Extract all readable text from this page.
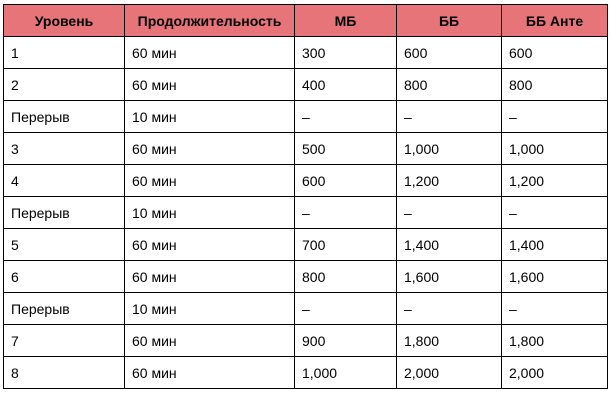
Уровень	Продолжительность	МБ	ББ	ББ Анте
1	60 мин	300	600	600
2	60 мин	400	800	800
Перерыв	10 мин	–	–	–
3	60 мин	500	1,000	1,000
4	60 мин	600	1,200	1,200
Перерыв	10 мин	–	–	–
5	60 мин	700	1,400	1,400
6	60 мин	800	1,600	1,600
Перерыв	10 мин	–	–	–
7	60 мин	900	1,800	1,800
8	60 мин	1,000	2,000	2,000
